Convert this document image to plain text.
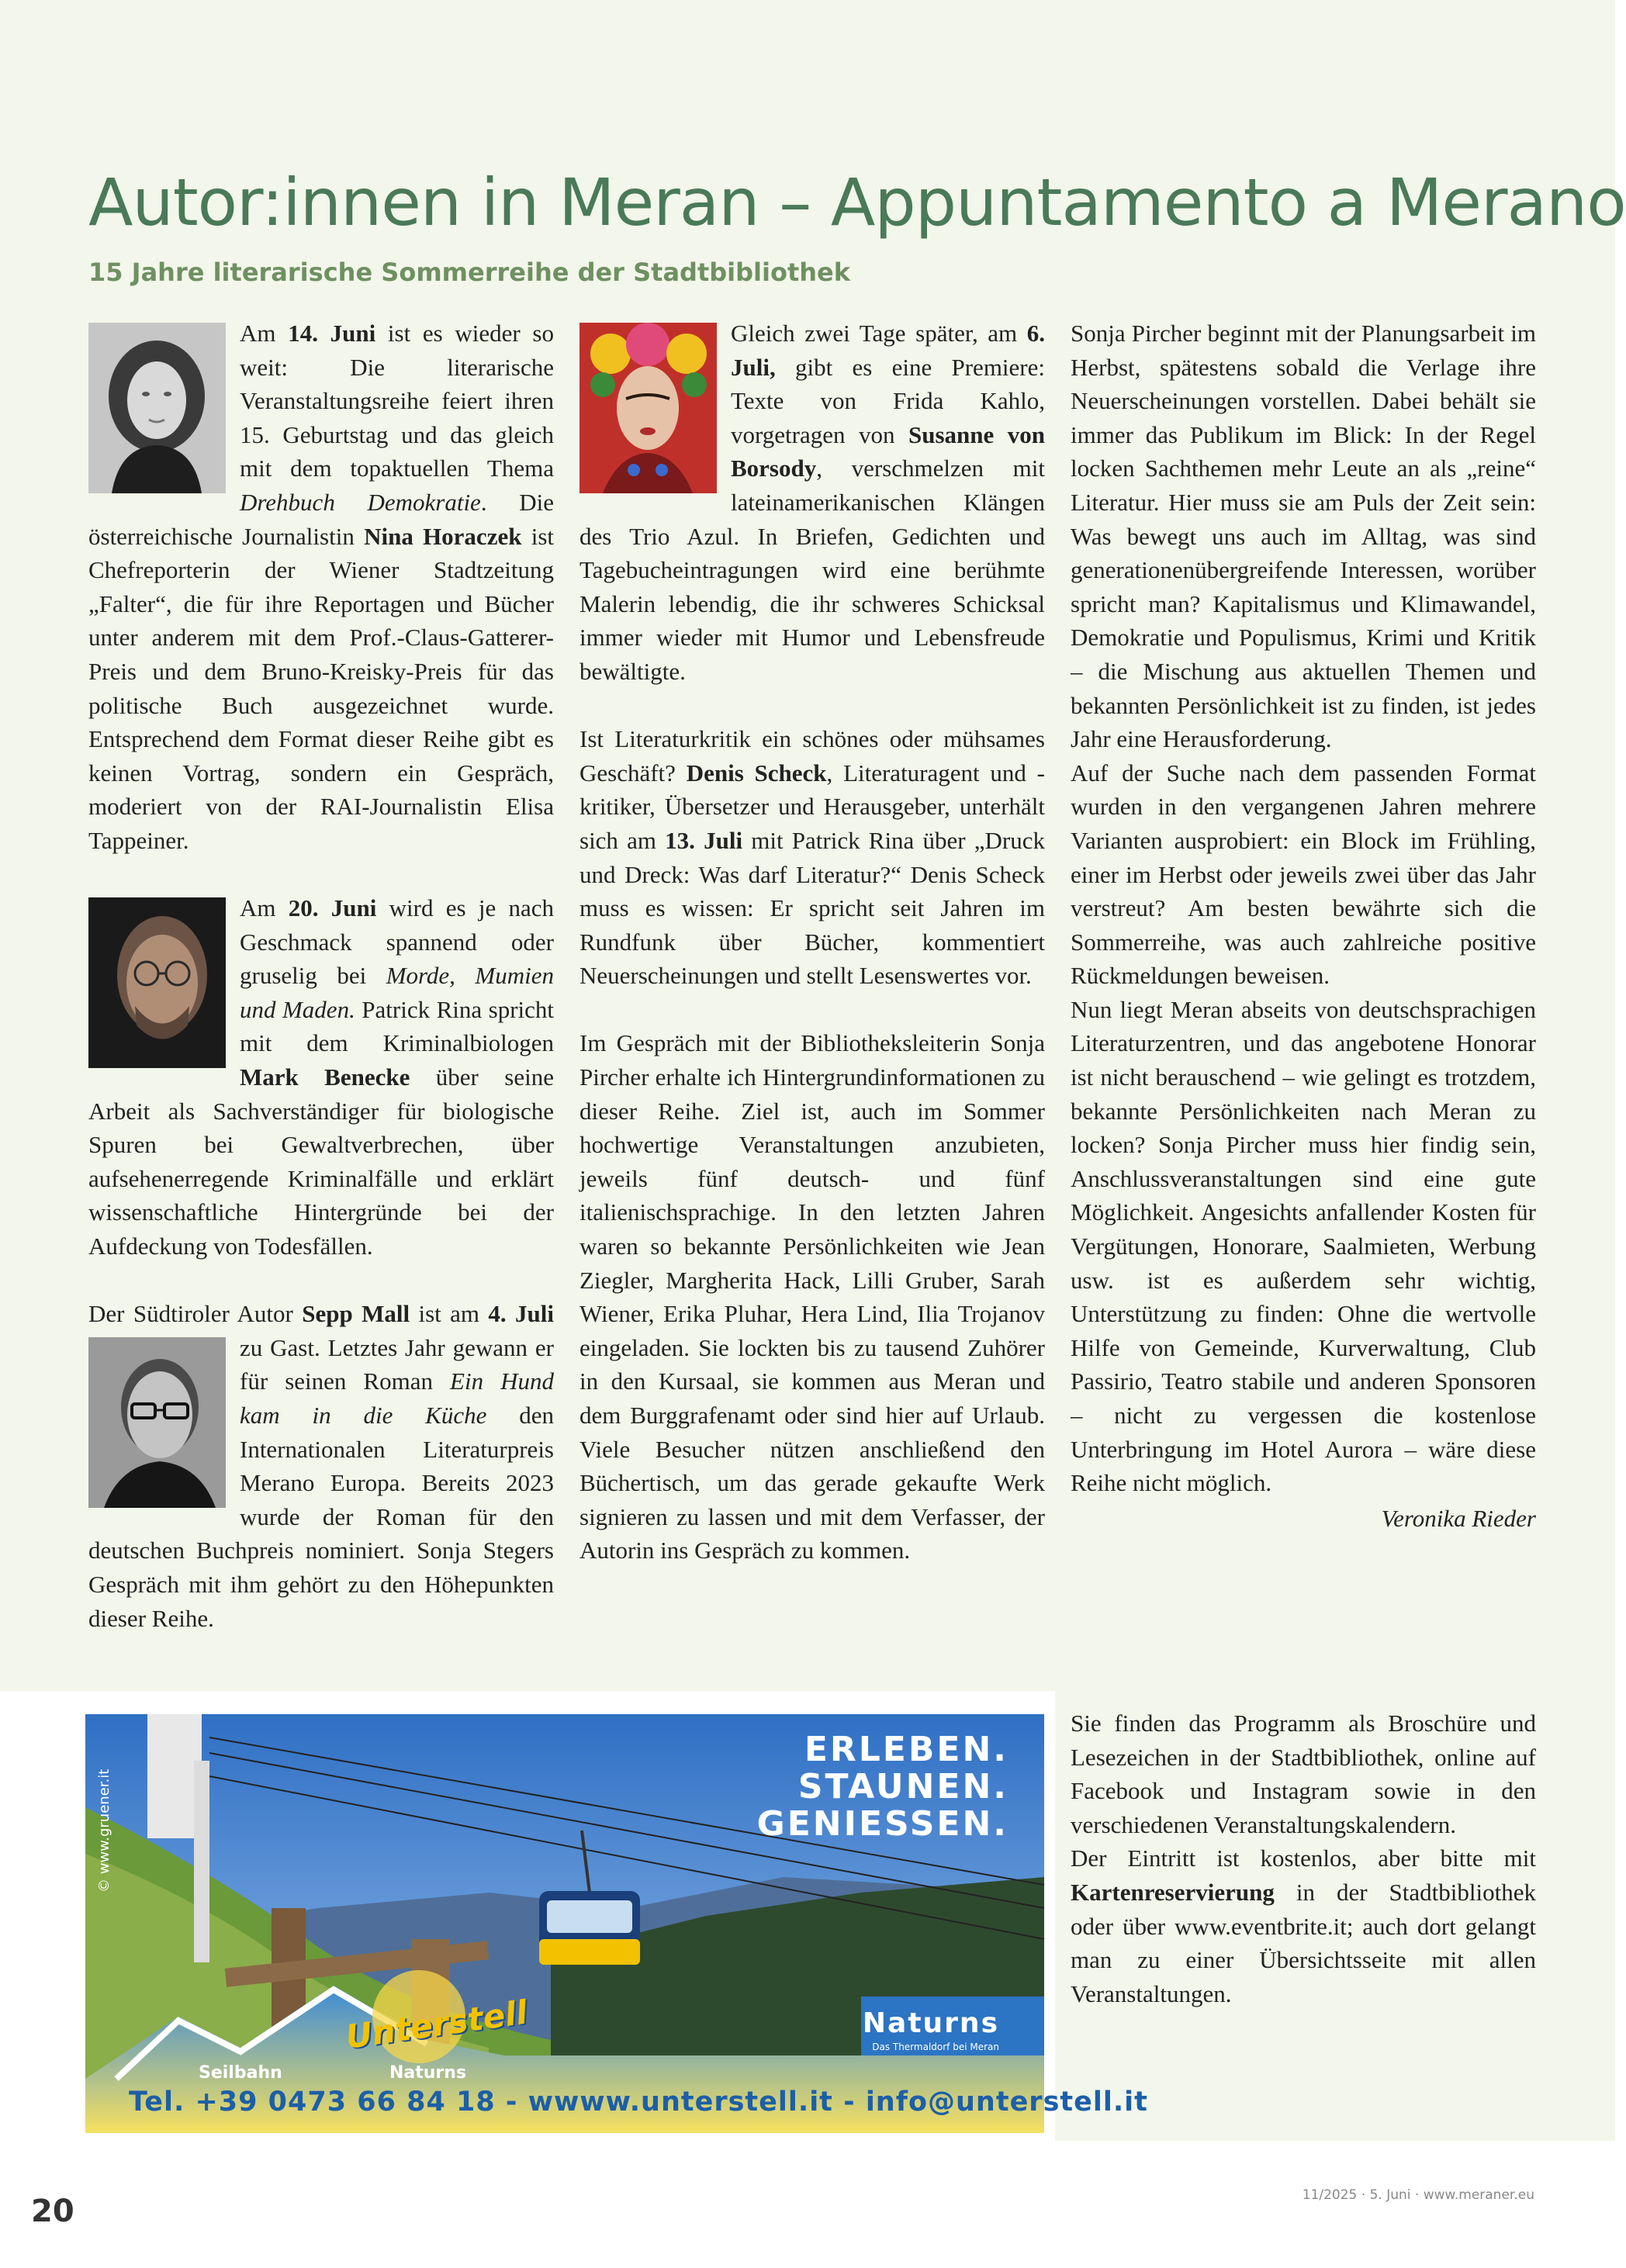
Autor:innen in Meran – Appuntamento a Merano
15 Jahre literarische Sommerreihe der Stadtbibliothek

Am 14. Juni
ist es wieder so weit: Die literarische Veranstaltungsreihe feiert ihren 15. Geburtstag und das gleich mit dem topaktuellen Thema Drehbuch Demokratie. Die österreichische Journalistin Nina Horaczek ist Chefreporterin der Wiener Stadtzeitung „Falter“, die für ihre Reportagen und Bücher unter anderem mit dem Prof.-Claus-Gatterer-Preis und dem Bruno-Kreisky-Preis für das politische Buch ausgezeichnet wurde. Entsprechend dem Format dieser Reihe gibt es keinen Vortrag, sondern ein Gespräch, moderiert von der RAI-Journalistin Elisa Tappeiner.

Am 20. Juni
wird es je nach Geschmack spannend oder gruselig bei Morde, Mumien und Maden. Patrick Rina spricht mit dem Kriminalbiologen Mark Benecke über seine Arbeit als Sachverständiger für biologische Spuren bei Gewaltverbrechen, über aufsehenerregende Kriminalfälle und erklärt wissenschaftliche Hintergründe bei der Aufdeckung von Todesfällen.

Der Südtiroler Autor Sepp Mall ist am
4. Juli zu Gast. Letztes Jahr gewann er für seinen Roman Ein Hund kam in die Küche den Internationalen Literaturpreis Merano Europa. Bereits 2023 wurde der Roman für den deutschen Buchpreis nominiert. Sonja Stegers Gespräch mit ihm gehört zu den Höhepunkten dieser Reihe.

Gleich zwei Tage später, am 6. Juli, gibt es eine Premiere: Texte von Frida Kahlo, vorgetragen von Susanne von Borsody, verschmelzen mit lateinamerikanischen Klängen des Trio Azul. In Briefen, Gedichten und Tagebucheintragungen wird eine berühmte Malerin lebendig, die ihr schweres Schicksal immer wieder mit Humor und Lebensfreude bewältigte.

Ist Literaturkritik ein schönes oder mühsames Geschäft? Denis Scheck, Literaturagent und -kritiker, Übersetzer und Herausgeber, unterhält sich am 13. Juli mit Patrick Rina über „Druck und Dreck: Was darf Literatur?“ Denis Scheck muss es wissen: Er spricht seit Jahren im Rundfunk über Bücher, kommentiert Neuerscheinungen und stellt Lesenswertes vor.

Im Gespräch mit der Bibliotheksleiterin Sonja Pircher erhalte ich Hintergrundinformationen zu dieser Reihe. Ziel ist, auch im Sommer hochwertige Veranstaltungen anzubieten, jeweils fünf deutsch- und fünf italienischsprachige. In den letzten Jahren waren so bekannte Persönlichkeiten wie Jean Ziegler, Margherita Hack, Lilli Gruber, Sarah Wiener, Erika Pluhar, Hera Lind, Ilia Trojanov eingeladen. Sie lockten bis zu tausend Zuhörer in den Kursaal, sie kommen aus Meran und dem Burggrafenamt oder sind hier auf Urlaub. Viele Besucher nützen anschließend den Büchertisch, um das gerade gekaufte Werk signieren zu lassen und mit dem Verfasser, der Autorin ins Gespräch zu kommen.

Sonja Pircher beginnt mit der Planungsarbeit im Herbst, spätestens sobald die Verlage ihre Neuerscheinungen vorstellen. Dabei behält sie immer das Publikum im Blick: In der Regel locken Sachthemen mehr Leute an als „reine“ Literatur. Hier muss sie am Puls der Zeit sein: Was bewegt uns auch im Alltag, was sind generationenübergreifende Interessen, worüber spricht man? Kapitalismus und Klimawandel, Demokratie und Populismus, Krimi und Kritik – die Mischung aus aktuellen Themen und bekannten Persönlichkeit ist zu finden, ist jedes Jahr eine Herausforderung.

Auf der Suche nach dem passenden Format wurden in den vergangenen Jahren mehrere Varianten ausprobiert: ein Block im Frühling, einer im Herbst oder jeweils zwei über das Jahr verstreut? Am besten bewährte sich die Sommerreihe, was auch zahlreiche positive Rückmeldungen beweisen.

Nun liegt Meran abseits von deutschsprachigen Literaturzentren, und das angebotene Honorar ist nicht berauschend – wie gelingt es trotzdem, bekannte Persönlichkeiten nach Meran zu locken? Sonja Pircher muss hier findig sein, Anschlussveranstaltungen sind eine gute Möglichkeit. Angesichts anfallender Kosten für Vergütungen, Honorare, Saalmieten, Werbung usw. ist es außerdem sehr wichtig, Unterstützung zu finden: Ohne die wertvolle Hilfe von Gemeinde, Kurverwaltung, Club Passirio, Teatro stabile und anderen Sponsoren – nicht zu vergessen die kostenlose Unterbringung im Hotel Aurora – wäre diese Reihe nicht möglich.

Veronika Rieder

Sie finden das Programm als Broschüre und Lesezeichen in der Stadtbibliothek, online auf Facebook und Instagram sowie in den verschiedenen Veranstaltungskalendern.

Der Eintritt ist kostenlos, aber bitte mit Kartenreservierung in der Stadtbibliothek oder über www.eventbrite.it; auch dort gelangt man zu einer Übersichtsseite mit allen Veranstaltungen.

ERLEBEN.
STAUNEN.
GENIESSEN.
Naturns
Das Thermaldorf bei Meran
Unterstell
Seilbahn	Naturns
Tel. +39 0473 66 84 18 - wwww.unterstell.it - info@unterstell.it
© www.gruener.it
20	11/2025 · 5. Juni · www.meraner.eu
